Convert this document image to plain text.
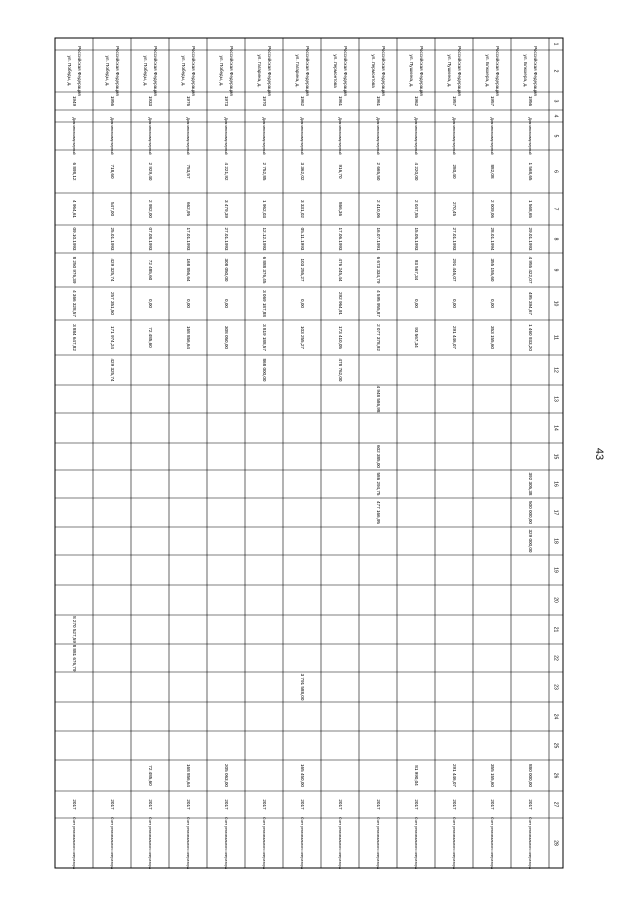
1
2
3
4
5
6
7
8
9
10
11
12
13
14
15
16
17
18
19
20
21
22
23
24
25
26
27
28
Российская Федерация
ул. Блюхера, д.
1956
Дом многоквартирный
1 568,65
1 568,65
29.01.1993
4 955 422,07
495 394,67
1 460 933,20
392 305,38
500 000,00
329 000,00
880 000,00
2017
Счет регионального оператора
Российская Федерация
ул. Блюхера, д.
1957
Дом многоквартирный
882,08
2 009,06
28.01.1994
355 155,60
0,00
353 155,60
355 155,60
2017
Счет регионального оператора
Российская Федерация
ул. Пушкина, д.
1957
Дом многоквартирный
280,40
270,45
27.01.1993
291 446,07
0,00
291 446,07
291 446,07
2017
Счет регионального оператора
Российская Федерация
ул. Пушкина, д.
1962
Дом многоквартирный
4 220,00
2 047,55
15.05.1993
93 567,34
0,00
93 567,34
81 990,04
2017
Счет регионального оператора
Российская Федерация
ул. Лермонтова
1961
Дом многоквартирный
2 665,50
2 410,06
16.07.1991
6 673 334,79
4 595 955,87
2 077 378,92
4 948 586,98
602 385,00
586 294,75
477 166,95
2017
Счет регионального оператора
Российская Федерация
ул. Лермонтова
1961
Дом многоквартирный
916,70
866,36
17.06.1993
476 245,44
292 964,91
173 410,05
478 762,00
2017
Счет регионального оператора
Российская Федерация
ул. Гагарина, д.
1962
Дом многоквартирный
3 362,02
3 331,02
05.11.1993
103 255,27
0,00
103 255,27
3 791 588,00
165 450,00
2017
Счет регионального оператора
Российская Федерация
ул. Гагарина, д.
1970
Дом многоквартирный
2 752,85
1 962,03
12.12.1993
6 888 376,45
3 069 187,88
3 819 188,57
868 000,00
2017
Счет регионального оператора
Российская Федерация
ул. Победы, д.
1973
Дом многоквартирный
4 221,92
3 479,39
27.01.1993
308 050,00
0,00
308 050,00
205 063,00
2017
Счет регионального оператора
Российская Федерация
ул. Победы, д.
1976
Дом многоквартирный
753,57
662,95
17.01.1993
168 856,64
0,00
168 856,64
168 856,64
2017
Счет регионального оператора
Российская Федерация
ул. Победы, д.
1933
Дом многоквартирный
2 929,40
2 982,00
07.08.1993
72 485,60
0,00
72 485,60
72 485,60
2017
Счет регионального оператора
Российская Федерация
ул. Победы, д.
1956
Дом многоквартирный
718,60
547,00
25.01.1993
429 325,74
257 351,50
171 974,24
429 325,74
2017
Счет регионального оператора
Российская Федерация
ул. Победы, д.
1949
Дом многоквартирный
6 898,12
4 964,61
09.10.1993
8 250 976,39
4 366 328,57
3 884 647,82
8 270 527,59
8 881 676,79
2017
Счет регионального оператора
43
